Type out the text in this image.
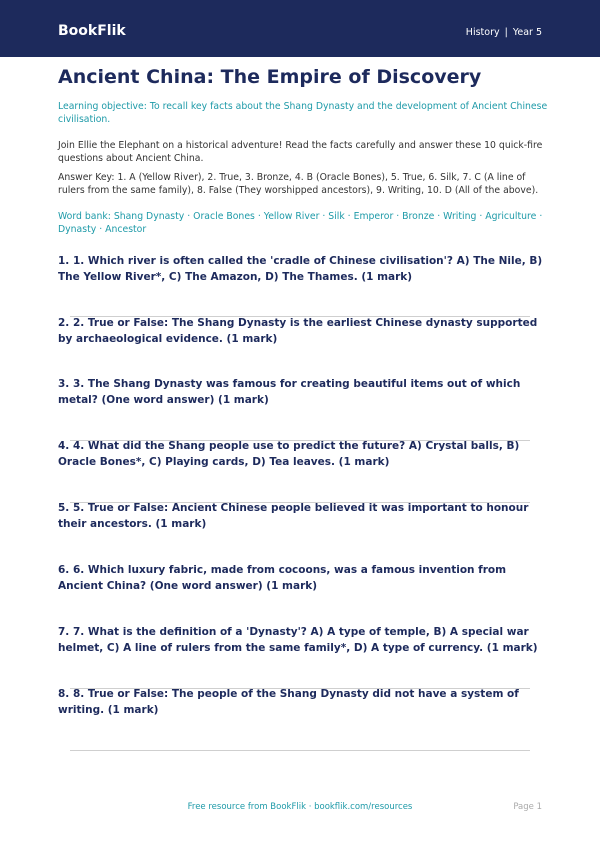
BookFlik	History | Year 5
Ancient China: The Empire of Discovery

Learning objective: To recall key facts about the Shang Dynasty and the development of Ancient Chinese civilisation.

Join Ellie the Elephant on a historical adventure! Read the facts carefully and answer these 10 quick-fire questions about Ancient China.

Answer Key: 1. A (Yellow River), 2. True, 3. Bronze, 4. B (Oracle Bones), 5. True, 6. Silk, 7. C (A line of rulers from the same family), 8. False (They worshipped ancestors), 9. Writing, 10. D (All of the above).

Word bank: Shang Dynasty · Oracle Bones · Yellow River · Silk · Emperor · Bronze · Writing · Agriculture · Dynasty · Ancestor

1. 1. Which river is often called the 'cradle of Chinese civilisation'? A) The Nile, B) The Yellow River*, C) The Amazon, D) The Thames. (1 mark)

2. 2. True or False: The Shang Dynasty is the earliest Chinese dynasty supported by archaeological evidence. (1 mark)

3. 3. The Shang Dynasty was famous for creating beautiful items out of which metal? (One word answer) (1 mark)

4. 4. What did the Shang people use to predict the future? A) Crystal balls, B) Oracle Bones*, C) Playing cards, D) Tea leaves. (1 mark)

5. 5. True or False: Ancient Chinese people believed it was important to honour their ancestors. (1 mark)

6. 6. Which luxury fabric, made from cocoons, was a famous invention from Ancient China? (One word answer) (1 mark)

7. 7. What is the definition of a 'Dynasty'? A) A type of temple, B) A special war helmet, C) A line of rulers from the same family*, D) A type of currency. (1 mark)

8. 8. True or False: The people of the Shang Dynasty did not have a system of writing. (1 mark)

Free resource from BookFlik · bookflik.com/resources	Page 1
